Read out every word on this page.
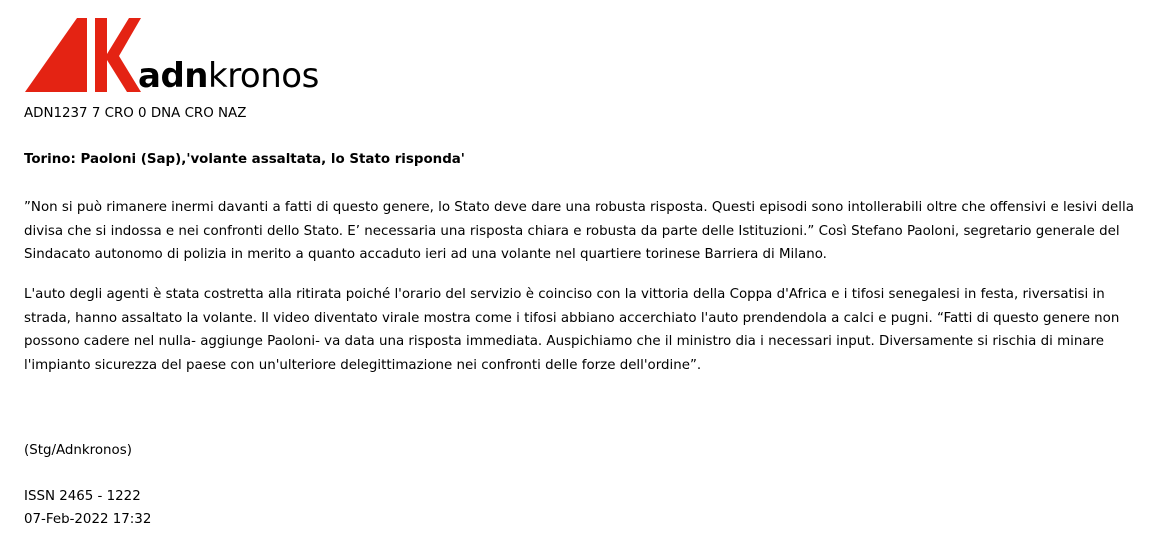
adnkronos
ADN1237 7 CRO 0 DNA CRO NAZ
Torino: Paoloni (Sap),'volante assaltata, lo Stato risponda'

”Non si può rimanere inermi davanti a fatti di questo genere, lo Stato deve dare una robusta risposta. Questi episodi sono intollerabili oltre che offensivi e lesivi della divisa che si indossa e nei confronti dello Stato. E’ necessaria una risposta chiara e robusta da parte delle Istituzioni.” Così Stefano Paoloni, segretario generale del Sindacato autonomo di polizia in merito a quanto accaduto ieri ad una volante nel quartiere torinese Barriera di Milano.

L'auto degli agenti è stata costretta alla ritirata poiché l'orario del servizio è coinciso con la vittoria della Coppa d'Africa e i tifosi senegalesi in festa, riversatisi in strada, hanno assaltato la volante. Il video diventato virale mostra come i tifosi abbiano accerchiato l'auto prendendola a calci e pugni. “Fatti di questo genere non possono cadere nel nulla- aggiunge Paoloni- va data una risposta immediata. Auspichiamo che il ministro dia i necessari input. Diversamente si rischia di minare l'impianto sicurezza del paese con un'ulteriore delegittimazione nei confronti delle forze dell'ordine”.

(Stg/Adnkronos)
ISSN 2465 - 1222
07-Feb-2022 17:32
